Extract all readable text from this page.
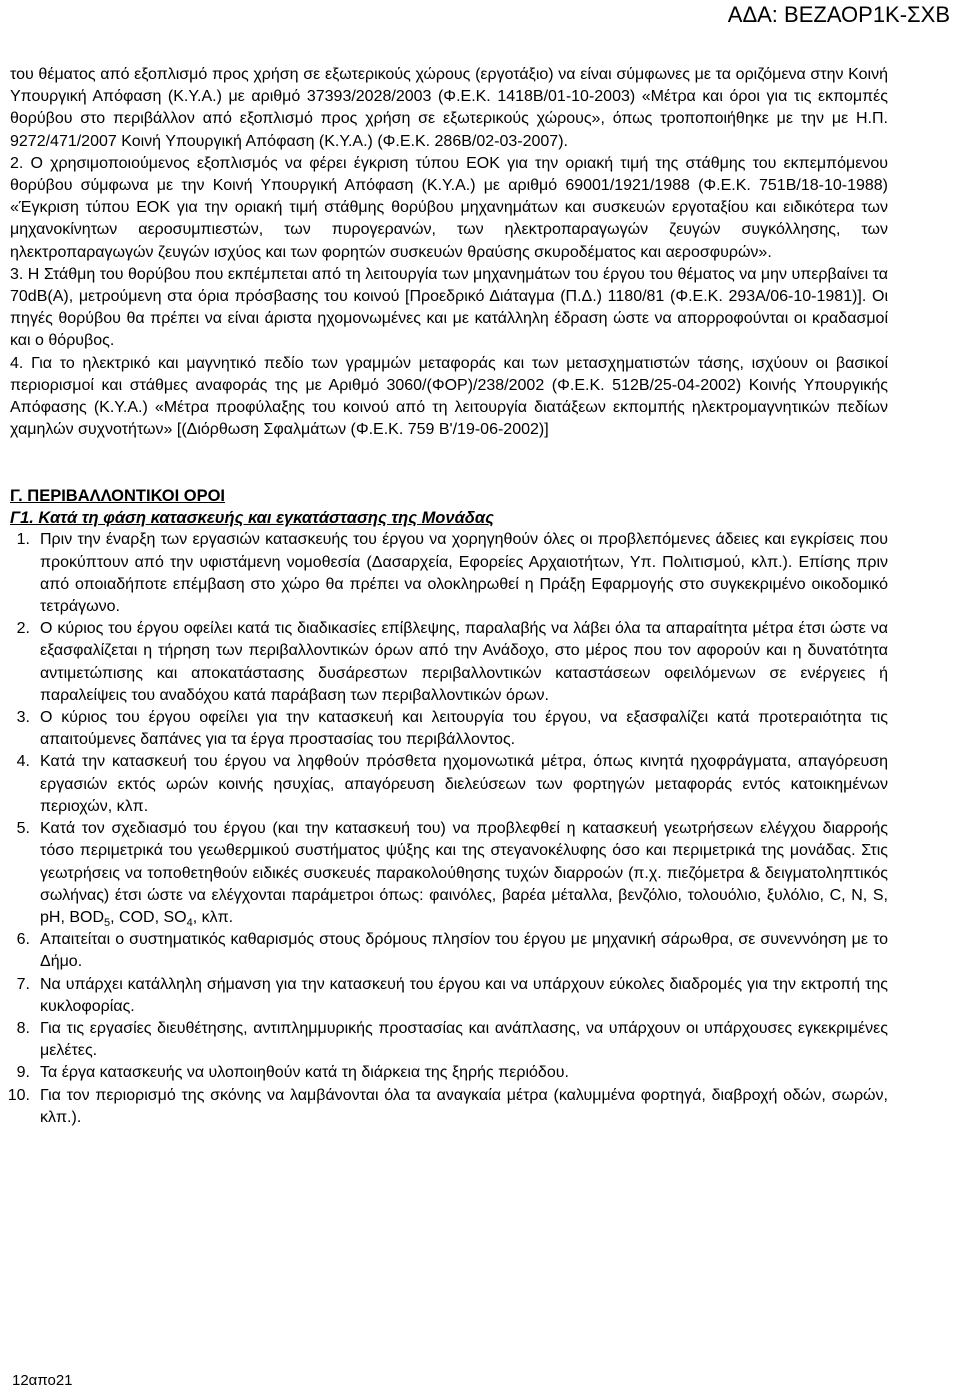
ΑΔΑ: ΒΕΖΑΟΡ1Κ-ΣΧΒ

του θέματος από εξοπλισμό προς χρήση σε εξωτερικούς χώρους (εργοτάξιο) να είναι σύμφωνες με τα οριζόμενα στην Κοινή Υπουργική Απόφαση (Κ.Υ.Α.) με αριθμό 37393/2028/2003 (Φ.Ε.Κ. 1418Β/01-10-2003) «Μέτρα και όροι για τις εκπομπές θορύβου στο περιβάλλον από εξοπλισμό προς χρήση σε εξωτερικούς χώρους», όπως τροποποιήθηκε με την με Η.Π. 9272/471/2007 Κοινή Υπουργική Απόφαση (Κ.Υ.Α.) (Φ.Ε.Κ. 286Β/02-03-2007).

2. Ο χρησιμοποιούμενος εξοπλισμός να φέρει έγκριση τύπου ΕΟΚ για την οριακή τιμή της στάθμης του εκπεμπόμενου θορύβου σύμφωνα με την Κοινή Υπουργική Απόφαση (Κ.Υ.Α.) με αριθμό 69001/1921/1988 (Φ.Ε.Κ. 751Β/18-10-1988) «Έγκριση τύπου ΕΟΚ για την οριακή τιμή στάθμης θορύβου μηχανημάτων και συσκευών εργοταξίου και ειδικότερα των μηχανοκίνητων αεροσυμπιεστών, των πυρογερανών, των ηλεκτροπαραγωγών ζευγών συγκόλλησης, των ηλεκτροπαραγωγών ζευγών ισχύος και των φορητών συσκευών θραύσης σκυροδέματος και αεροσφυρών».

3. Η Στάθμη του θορύβου που εκπέμπεται από τη λειτουργία των μηχανημάτων του έργου του θέματος να μην υπερβαίνει τα 70dB(A), μετρούμενη στα όρια πρόσβασης του κοινού [Προεδρικό Διάταγμα (Π.Δ.) 1180/81 (Φ.Ε.Κ. 293Α/06-10-1981)]. Οι πηγές θορύβου θα πρέπει να είναι άριστα ηχομονωμένες και με κατάλληλη έδραση ώστε να απορροφούνται οι κραδασμοί και ο θόρυβος.

4. Για το ηλεκτρικό και μαγνητικό πεδίο των γραμμών μεταφοράς και των μετασχηματιστών τάσης, ισχύουν οι βασικοί περιορισμοί και στάθμες αναφοράς της με Αριθμό 3060/(ΦΟΡ)/238/2002 (Φ.Ε.Κ. 512Β/25-04-2002) Κοινής Υπουργικής Απόφασης (Κ.Υ.Α.) «Μέτρα προφύλαξης του κοινού από τη λειτουργία διατάξεων εκπομπής ηλεκτρομαγνητικών πεδίων χαμηλών συχνοτήτων» [(Διόρθωση Σφαλμάτων (Φ.Ε.Κ. 759 Β'/19-06-2002)]

Γ. ΠΕΡΙΒΑΛΛΟΝΤΙΚΟΙ ΟΡΟΙ

Γ1. Κατά τη φάση κατασκευής και εγκατάστασης της Μονάδας

1. Πριν την έναρξη των εργασιών κατασκευής του έργου να χορηγηθούν όλες οι προβλεπόμενες άδειες και εγκρίσεις που προκύπτουν από την υφιστάμενη νομοθεσία (Δασαρχεία, Εφορείες Αρχαιοτήτων, Υπ. Πολιτισμού, κλπ.). Επίσης πριν από οποιαδήποτε επέμβαση στο χώρο θα πρέπει να ολοκληρωθεί η Πράξη Εφαρμογής στο συγκεκριμένο οικοδομικό τετράγωνο.
2. Ο κύριος του έργου οφείλει κατά τις διαδικασίες επίβλεψης, παραλαβής να λάβει όλα τα απαραίτητα μέτρα έτσι ώστε να εξασφαλίζεται η τήρηση των περιβαλλοντικών όρων από την Ανάδοχο, στο μέρος που τον αφορούν και η δυνατότητα αντιμετώπισης και αποκατάστασης δυσάρεστων περιβαλλοντικών καταστάσεων οφειλόμενων σε ενέργειες ή παραλείψεις του αναδόχου κατά παράβαση των περιβαλλοντικών όρων.
3. Ο κύριος του έργου οφείλει για την κατασκευή και λειτουργία του έργου, να εξασφαλίζει κατά προτεραιότητα τις απαιτούμενες δαπάνες για τα έργα προστασίας του περιβάλλοντος.
4. Κατά την κατασκευή του έργου να ληφθούν πρόσθετα ηχομονωτικά μέτρα, όπως κινητά ηχοφράγματα, απαγόρευση εργασιών εκτός ωρών κοινής ησυχίας, απαγόρευση διελεύσεων των φορτηγών μεταφοράς εντός κατοικημένων περιοχών, κλπ.
5. Κατά τον σχεδιασμό του έργου (και την κατασκευή του) να προβλεφθεί η κατασκευή γεωτρήσεων ελέγχου διαρροής τόσο περιμετρικά του γεωθερμικού συστήματος ψύξης και της στεγανοκέλυφης όσο και περιμετρικά της μονάδας. Στις γεωτρήσεις να τοποθετηθούν ειδικές συσκευές παρακολούθησης τυχών διαρροών (π.χ. πιεζόμετρα & δειγματοληπτικός σωλήνας) έτσι ώστε να ελέγχονται παράμετροι όπως: φαινόλες, βαρέα μέταλλα, βενζόλιο, τολουόλιο, ξυλόλιο, C, N, S, pH, $BOD_5$, COD, $SO_4$, κλπ.
6. Απαιτείται ο συστηματικός καθαρισμός στους δρόμους πλησίον του έργου με μηχανική σάρωθρα, σε συνεννόηση με το Δήμο.
7. Να υπάρχει κατάλληλη σήμανση για την κατασκευή του έργου και να υπάρχουν εύκολες διαδρομές για την εκτροπή της κυκλοφορίας.
8. Για τις εργασίες διευθέτησης, αντιπλημμυρικής προστασίας και ανάπλασης, να υπάρχουν οι υπάρχουσες εγκεκριμένες μελέτες.
9. Τα έργα κατασκευής να υλοποιηθούν κατά τη διάρκεια της ξηρής περιόδου.
10. Για τον περιορισμό της σκόνης να λαμβάνονται όλα τα αναγκαία μέτρα (καλυμμένα φορτηγά, διαβροχή οδών, σωρών, κλπ.).
12απο21
